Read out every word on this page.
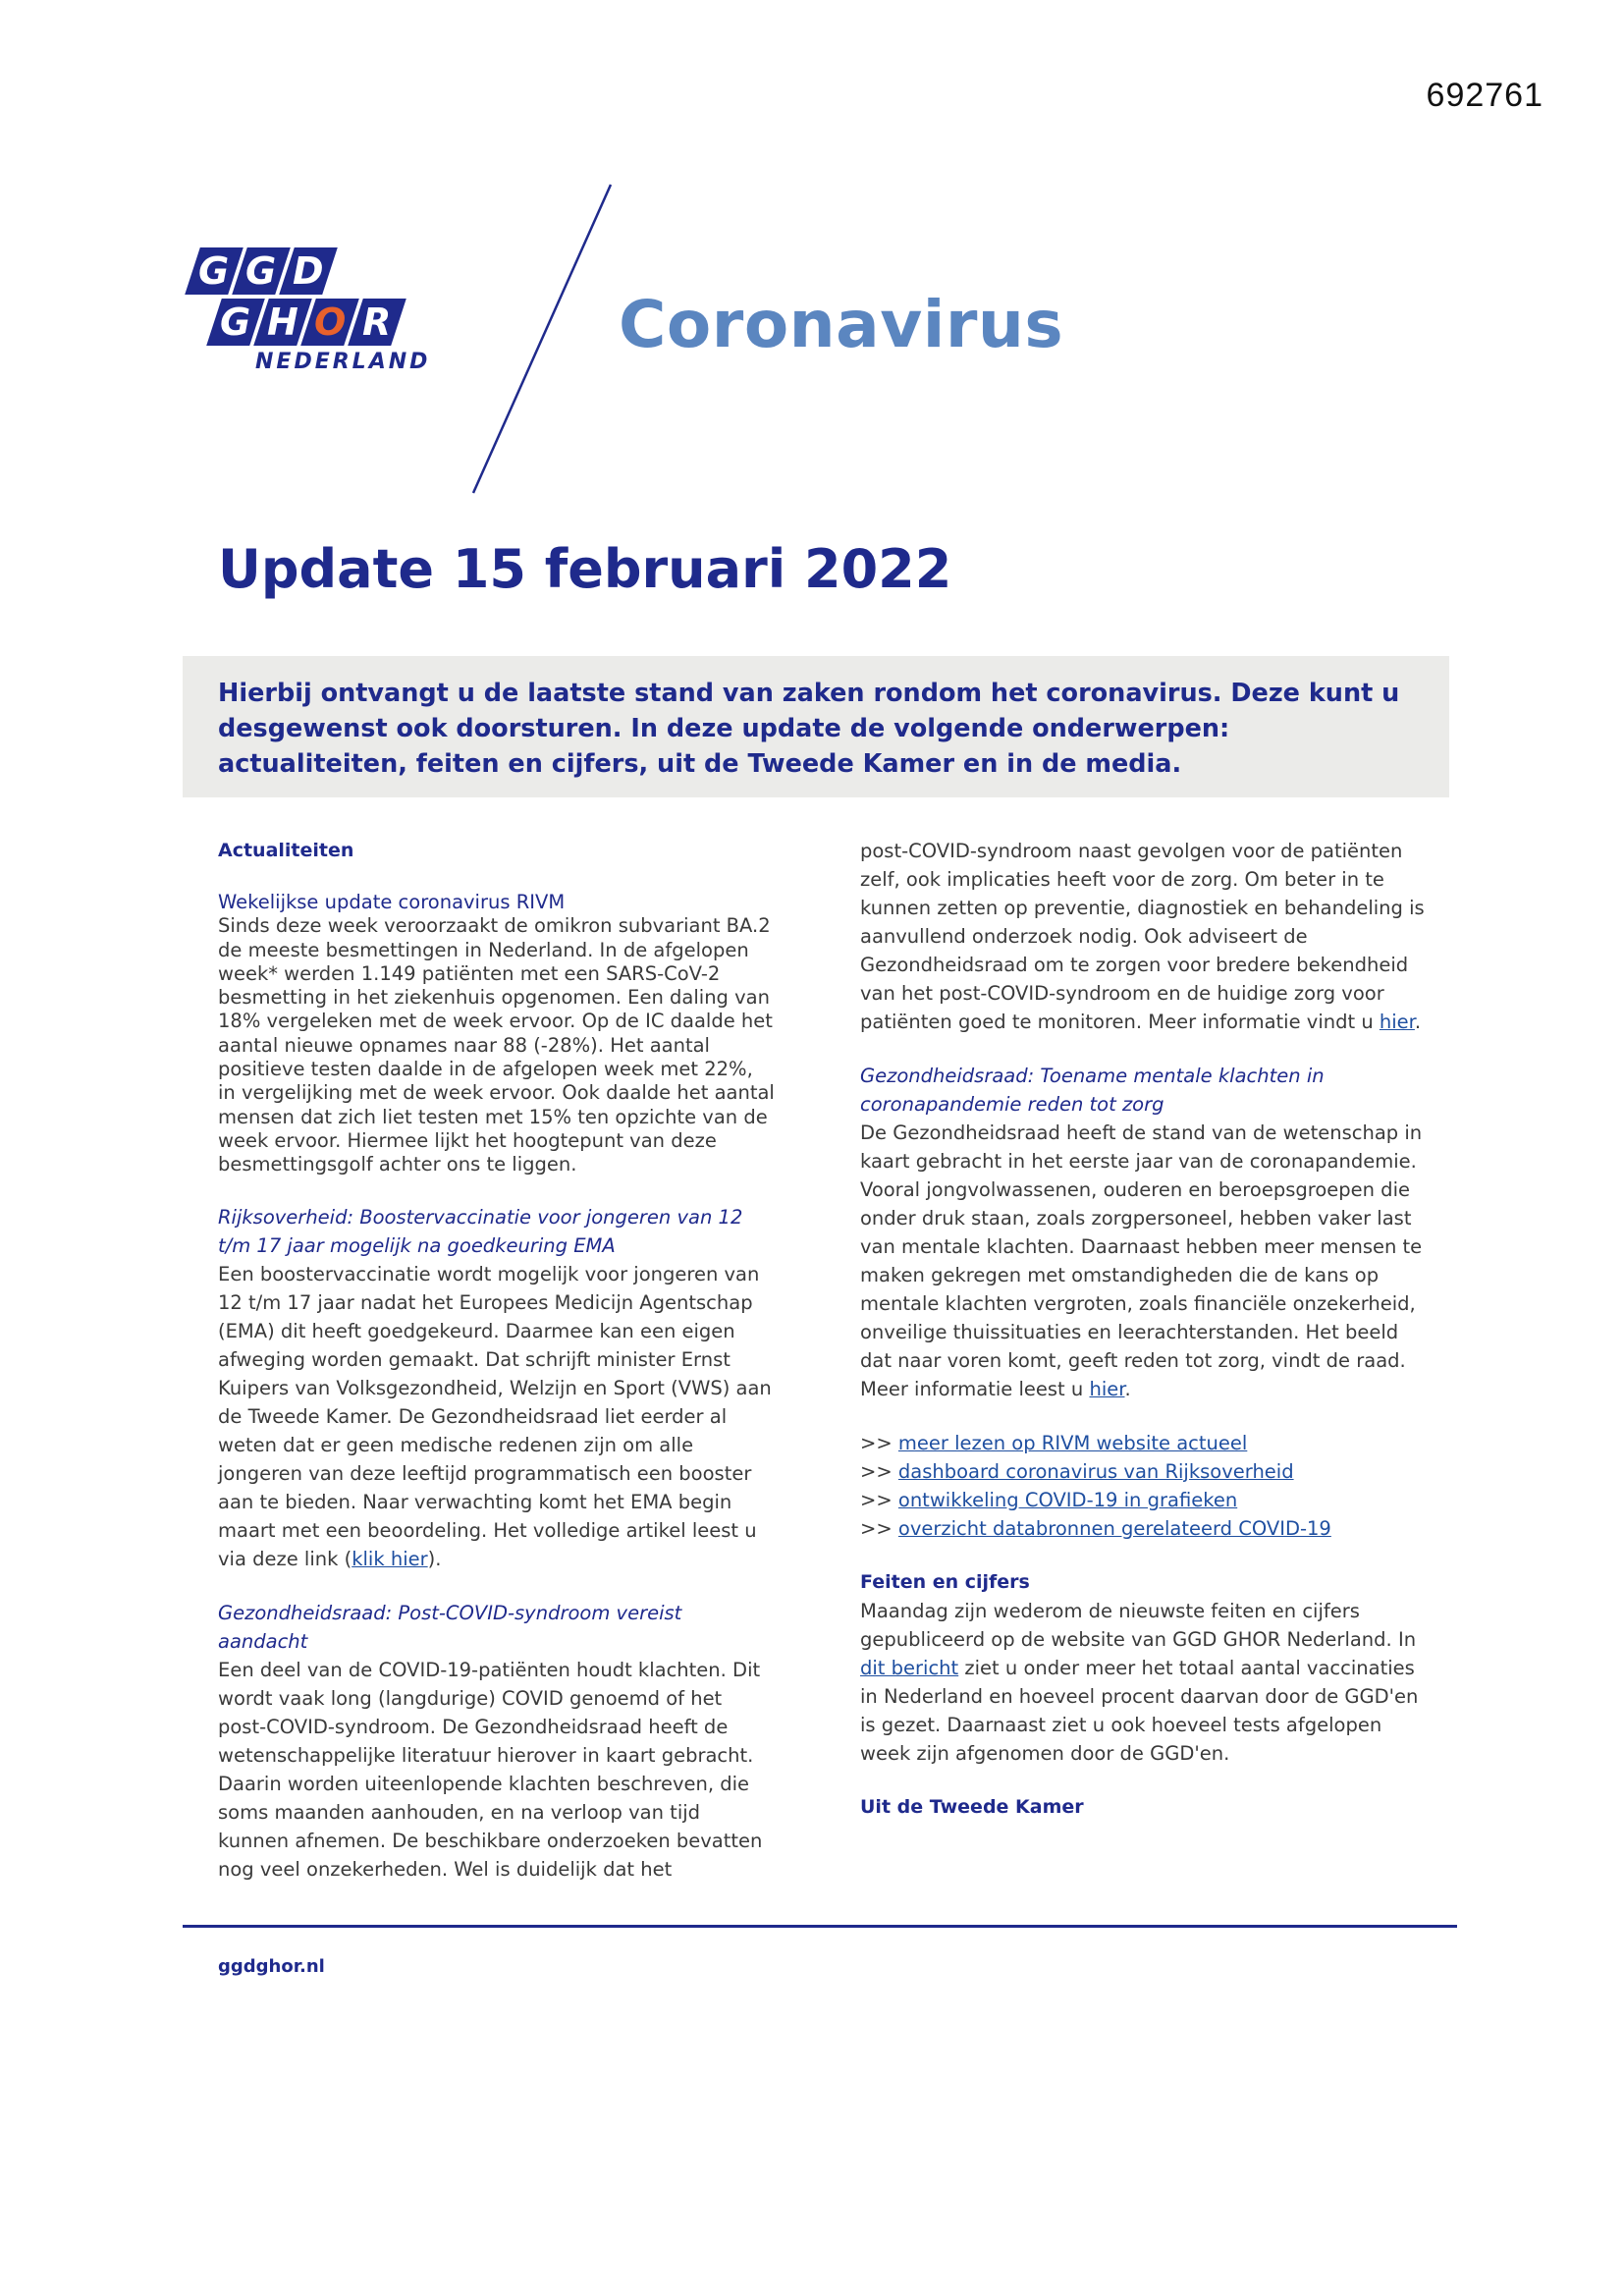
692761
G G D
G H O R
NEDERLAND	Coronavirus
Update 15 februari 2022

Hierbij ontvangt u de laatste stand van zaken rondom het coronavirus. Deze kunt u desgewenst ook doorsturen. In deze update de volgende onderwerpen: actualiteiten, feiten en cijfers, uit de Tweede Kamer en in de media.

Actualiteiten

Wekelijkse update coronavirus RIVM

Sinds deze week veroorzaakt de omikron subvariant BA.2 de meeste besmettingen in Nederland. In de afgelopen week* werden 1.149 patiënten met een SARS-CoV-2 besmetting in het ziekenhuis opgenomen. Een daling van 18% vergeleken met de week ervoor. Op de IC daalde het aantal nieuwe opnames naar 88 (-28%). Het aantal positieve testen daalde in de afgelopen week met 22%, in vergelijking met de week ervoor. Ook daalde het aantal mensen dat zich liet testen met 15% ten opzichte van de week ervoor. Hiermee lijkt het hoogtepunt van deze besmettingsgolf achter ons te liggen.

Rijksoverheid: Boostervaccinatie voor jongeren van 12 t/m 17 jaar mogelijk na goedkeuring EMA

Een boostervaccinatie wordt mogelijk voor jongeren van 12 t/m 17 jaar nadat het Europees Medicijn Agentschap (EMA) dit heeft goedgekeurd. Daarmee kan een eigen afweging worden gemaakt. Dat schrijft minister Ernst Kuipers van Volksgezondheid, Welzijn en Sport (VWS) aan de Tweede Kamer. De Gezondheidsraad liet eerder al weten dat er geen medische redenen zijn om alle jongeren van deze leeftijd programmatisch een booster aan te bieden. Naar verwachting komt het EMA begin maart met een beoordeling. Het volledige artikel leest u via deze link (klik hier).

Gezondheidsraad: Post-COVID-syndroom vereist aandacht

Een deel van de COVID-19-patiënten houdt klachten. Dit wordt vaak long (langdurige) COVID genoemd of het post-COVID-syndroom. De Gezondheidsraad heeft de wetenschappelijke literatuur hierover in kaart gebracht. Daarin worden uiteenlopende klachten beschreven, die soms maanden aanhouden, en na verloop van tijd kunnen afnemen. De beschikbare onderzoeken bevatten nog veel onzekerheden. Wel is duidelijk dat het

post-COVID-syndroom naast gevolgen voor de patiënten zelf, ook implicaties heeft voor de zorg. Om beter in te kunnen zetten op preventie, diagnostiek en behandeling is aanvullend onderzoek nodig. Ook adviseert de Gezondheidsraad om te zorgen voor bredere bekendheid van het post-COVID-syndroom en de huidige zorg voor patiënten goed te monitoren. Meer informatie vindt u hier.

Gezondheidsraad: Toename mentale klachten in coronapandemie reden tot zorg

De Gezondheidsraad heeft de stand van de wetenschap in kaart gebracht in het eerste jaar van de coronapandemie. Vooral jongvolwassenen, ouderen en beroepsgroepen die onder druk staan, zoals zorgpersoneel, hebben vaker last van mentale klachten. Daarnaast hebben meer mensen te maken gekregen met omstandigheden die de kans op mentale klachten vergroten, zoals financiële onzekerheid, onveilige thuissituaties en leerachterstanden. Het beeld dat naar voren komt, geeft reden tot zorg, vindt de raad. Meer informatie leest u hier.

>> meer lezen op RIVM website actueel

>> dashboard coronavirus van Rijksoverheid

>> ontwikkeling COVID-19 in grafieken

>> overzicht databronnen gerelateerd COVID-19

Feiten en cijfers

Maandag zijn wederom de nieuwste feiten en cijfers gepubliceerd op de website van GGD GHOR Nederland. In dit bericht ziet u onder meer het totaal aantal vaccinaties in Nederland en hoeveel procent daarvan door de GGD'en is gezet. Daarnaast ziet u ook hoeveel tests afgelopen week zijn afgenomen door de GGD'en.

Uit de Tweede Kamer

ggdghor.nl
